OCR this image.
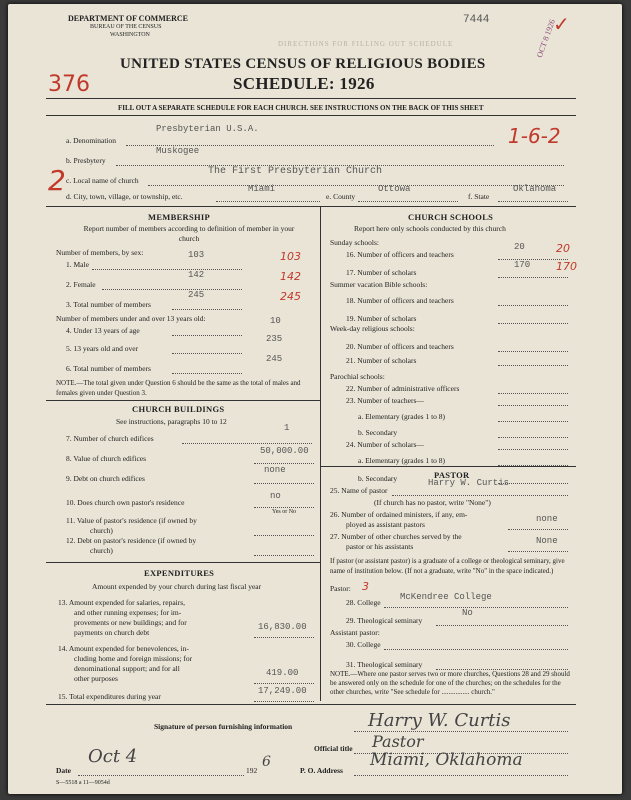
DEPARTMENT OF COMMERCE
BUREAU OF THE CENSUS
WASHINGTON
7444	OCT 8 1926
✓
DIRECTIONS FOR FILLING OUT SCHEDULE
376
UNITED STATES CENSUS OF RELIGIOUS BODIES
SCHEDULE: 1926
FILL OUT A SEPARATE SCHEDULE FOR EACH CHURCH. SEE INSTRUCTIONS ON THE BACK OF THIS SHEET
a. Denomination
Presbyterian U.S.A.	1-6-2
b. Presbytery
Muskogee
c. Local name of church
The First Presbyterian Church
d. City, town, village, or township, etc.
Miami
e. County
Ottowa
f. State
Oklahoma
2
MEMBERSHIP
Report number of members according to definition of member in your church
Number of members, by sex:
1. Male
103	103
2. Female
142	142
3. Total number of members
245	245
Number of members under and over 13 years old:
4. Under 13 years of age
10
5. 13 years old and over
235
6. Total number of members
245
NOTE.—The total given under Question 6 should be the same as the total of males and females given under Question 3.
CHURCH BUILDINGS
See instructions, paragraphs 10 to 12
7. Number of church edifices
1
8. Value of church edifices
50,000.00
9. Debt on church edifices
none
10. Does church own pastor's residence
no
Yes or No
11. Value of pastor's residence (if owned by
church)
12. Debt on pastor's residence (if owned by
church)
EXPENDITURES
Amount expended by your church during last fiscal year
13. Amount expended for salaries, repairs,
and other running expenses; for im-
provements or new buildings; and for
payments on church debt
16,830.00
14. Amount expended for benevolences, in-
cluding home and foreign missions; for
denominational support; and for all
other purposes
419.00
15. Total expenditures during year
17,249.00
CHURCH SCHOOLS
Report here only schools conducted by this church
Sunday schools:
16. Number of officers and teachers
20	20
17. Number of scholars
170 170
Summer vacation Bible schools:
18. Number of officers and teachers
19. Number of scholars
Week-day religious schools:
20. Number of officers and teachers
21. Number of scholars
Parochial schools:
22. Number of administrative officers
23. Number of teachers—
a. Elementary (grades 1 to 8)
b. Secondary
24. Number of scholars—
a. Elementary (grades 1 to 8)
b. Secondary	PASTOR
25. Name of pastor
Harry W. Curtis
(If church has no pastor, write "None")
26. Number of ordained ministers, if any, em-
ployed as assistant pastors
none
27. Number of other churches served by the
pastor or his assistants
None
If pastor (or assistant pastor) is a graduate of a college or theological seminary, give name of institution below. (If not a graduate, write "No" in the space indicated.)
Pastor: 3
28. College
McKendree College
29. Theological seminary
No
Assistant pastor:
30. College
31. Theological seminary
NOTE.—Where one pastor serves two or more churches, Questions 28 and 29 should be answered only on the schedule for one of the churches; on the schedules for the other churches, write "See schedule for ................ church."
Signature of person furnishing information	Harry W. Curtis
Official title Pastor
Date
Oct 4
192
6
P. O. Address
Miami, Oklahoma
S—5518 a 11—9054d
